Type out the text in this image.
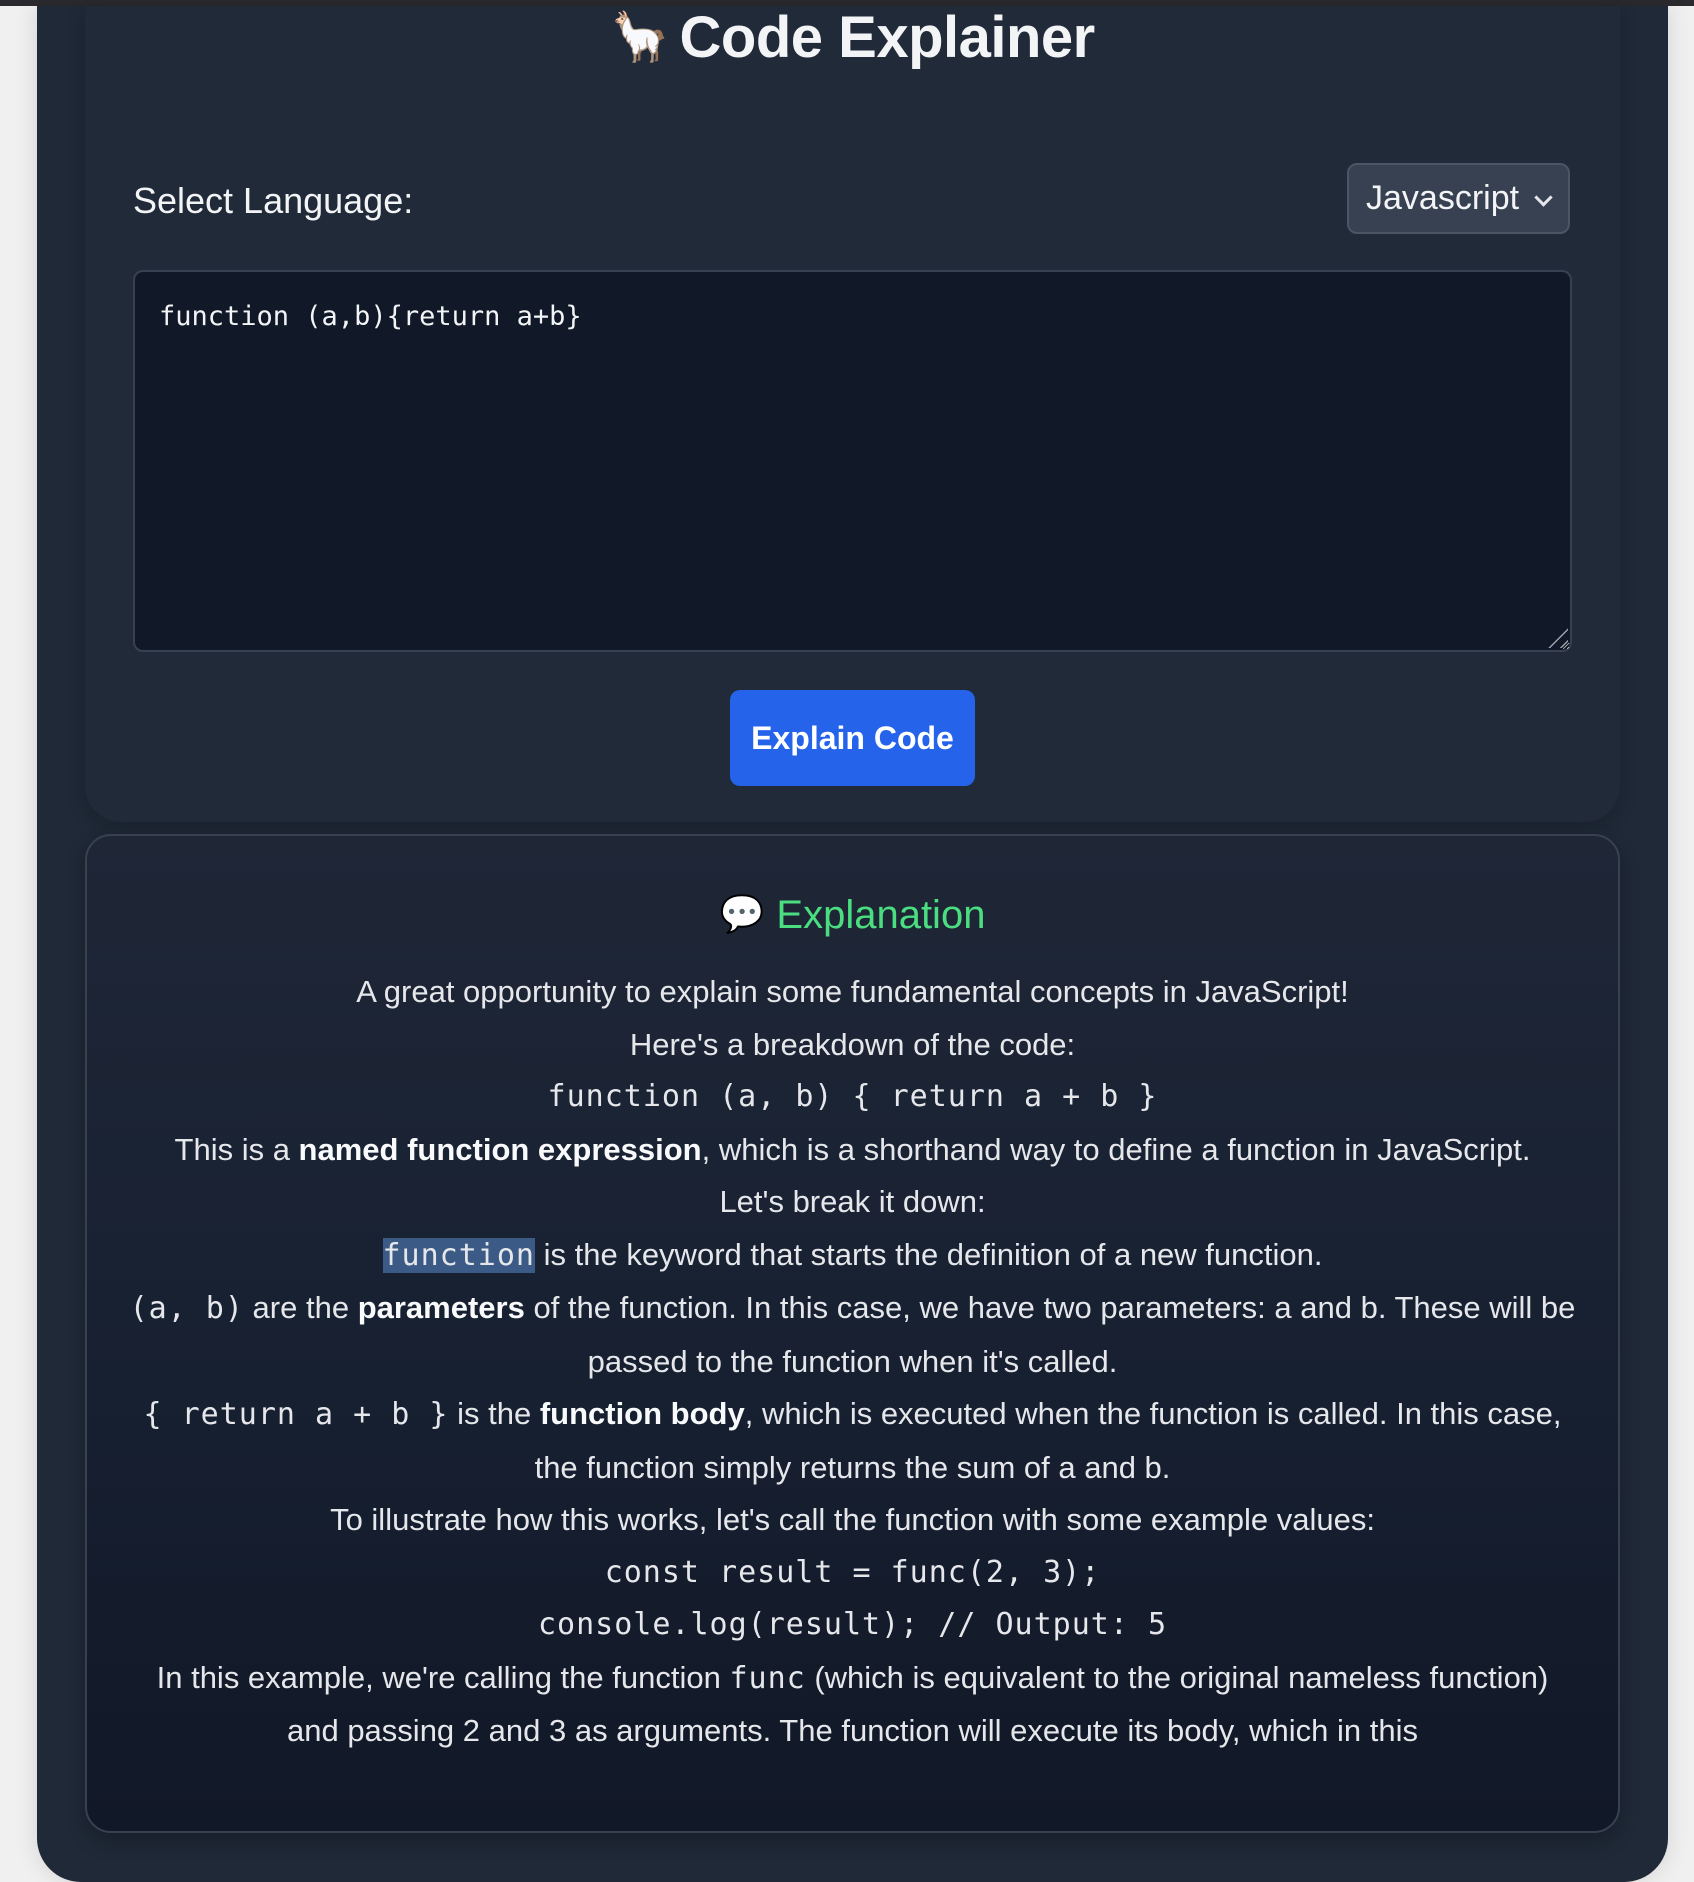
🦙 Code Explainer
Select Language:	Javascript
function (a,b){return a+b}
Explain Code
💬 Explanation

A great opportunity to explain some fundamental concepts in JavaScript!

Here's a breakdown of the code:

function (a, b) { return a + b }

This is a named function expression, which is a shorthand way to define a function in JavaScript.

Let's break it down:

function is the keyword that starts the definition of a new function.

(a, b) are the parameters of the function. In this case, we have two parameters: a and b. These will be passed to the function when it's called.

{ return a + b } is the function body, which is executed when the function is called. In this case, the function simply returns the sum of a and b.

To illustrate how this works, let's call the function with some example values:

const result = func(2, 3);

console.log(result); // Output: 5

In this example, we're calling the function func (which is equivalent to the original nameless function) and passing 2 and 3 as arguments. The function will execute its body, which in this
